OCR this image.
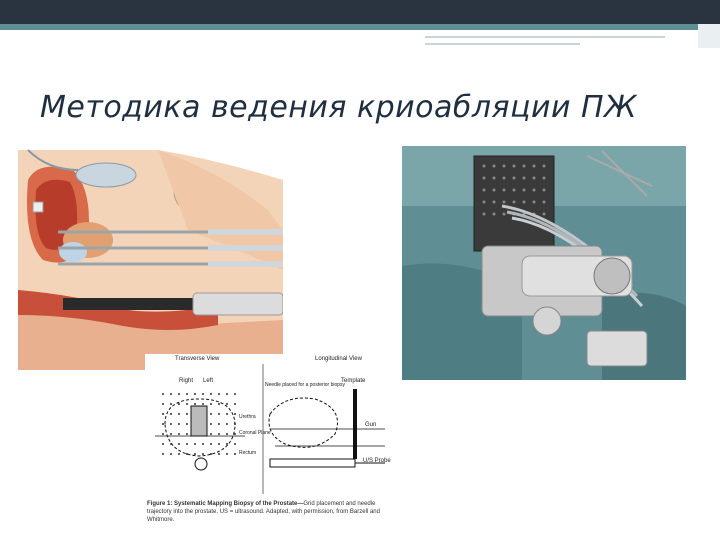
Методика ведения криоабляции ПЖ
Transverse View	Longitudinal View
Right Left	Template
Needle placed for a posterior biopsy
Gun
U/S Probe
Coronal Plane
Urethra
Rectum
Figure 1: Systematic Mapping Biopsy of the Prostate—Grid placement and needle trajectory into the prostate. US = ultrasound. Adapted, with permission, from Barzell and Whitmore.
